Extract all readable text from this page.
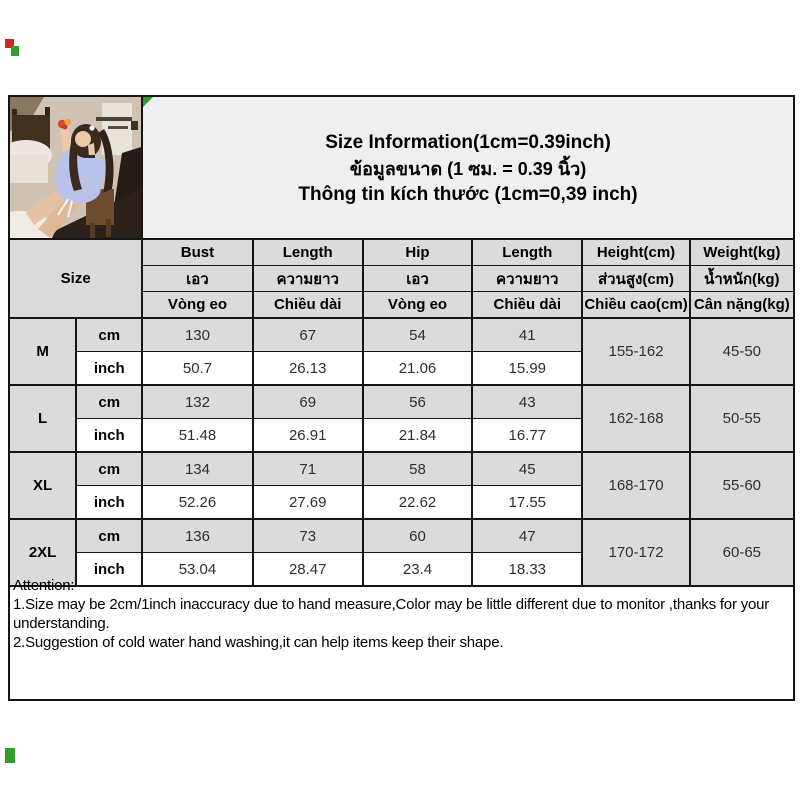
Size Information(1cm=0.39inch)
ข้อมูลขนาด (1 ซม. = 0.39 นิ้ว)
Thông tin kích thước (1cm=0,39 inch)
Size		Bust	Length	Hip	Length	Height(cm)	Weight(kg)
		เอว	ความยาว	เอว	ความยาว	ส่วนสูง(cm)	น้ำหนัก(kg)
		Vòng eo	Chiều dài	Vòng eo	Chiều dài	Chiều cao(cm)	Cân nặng(kg)
M	cm	130	67	54	41	155-162	45-50
	inch	50.7	26.13	21.06	15.99		
L	cm	132	69	56	43	162-168	50-55
	inch	51.48	26.91	21.84	16.77		
XL	cm	134	71	58	45	168-170	55-60
	inch	52.26	27.69	22.62	17.55		
2XL	cm	136	73	60	47	170-172	60-65
	inch	53.04	28.47	23.4	18.33		
Attention:
1.Size may be 2cm/1inch inaccuracy due to hand measure,Color may be little different due to monitor ,thanks for your understanding.
2.Suggestion of cold water hand washing,it can help items keep their shape.
